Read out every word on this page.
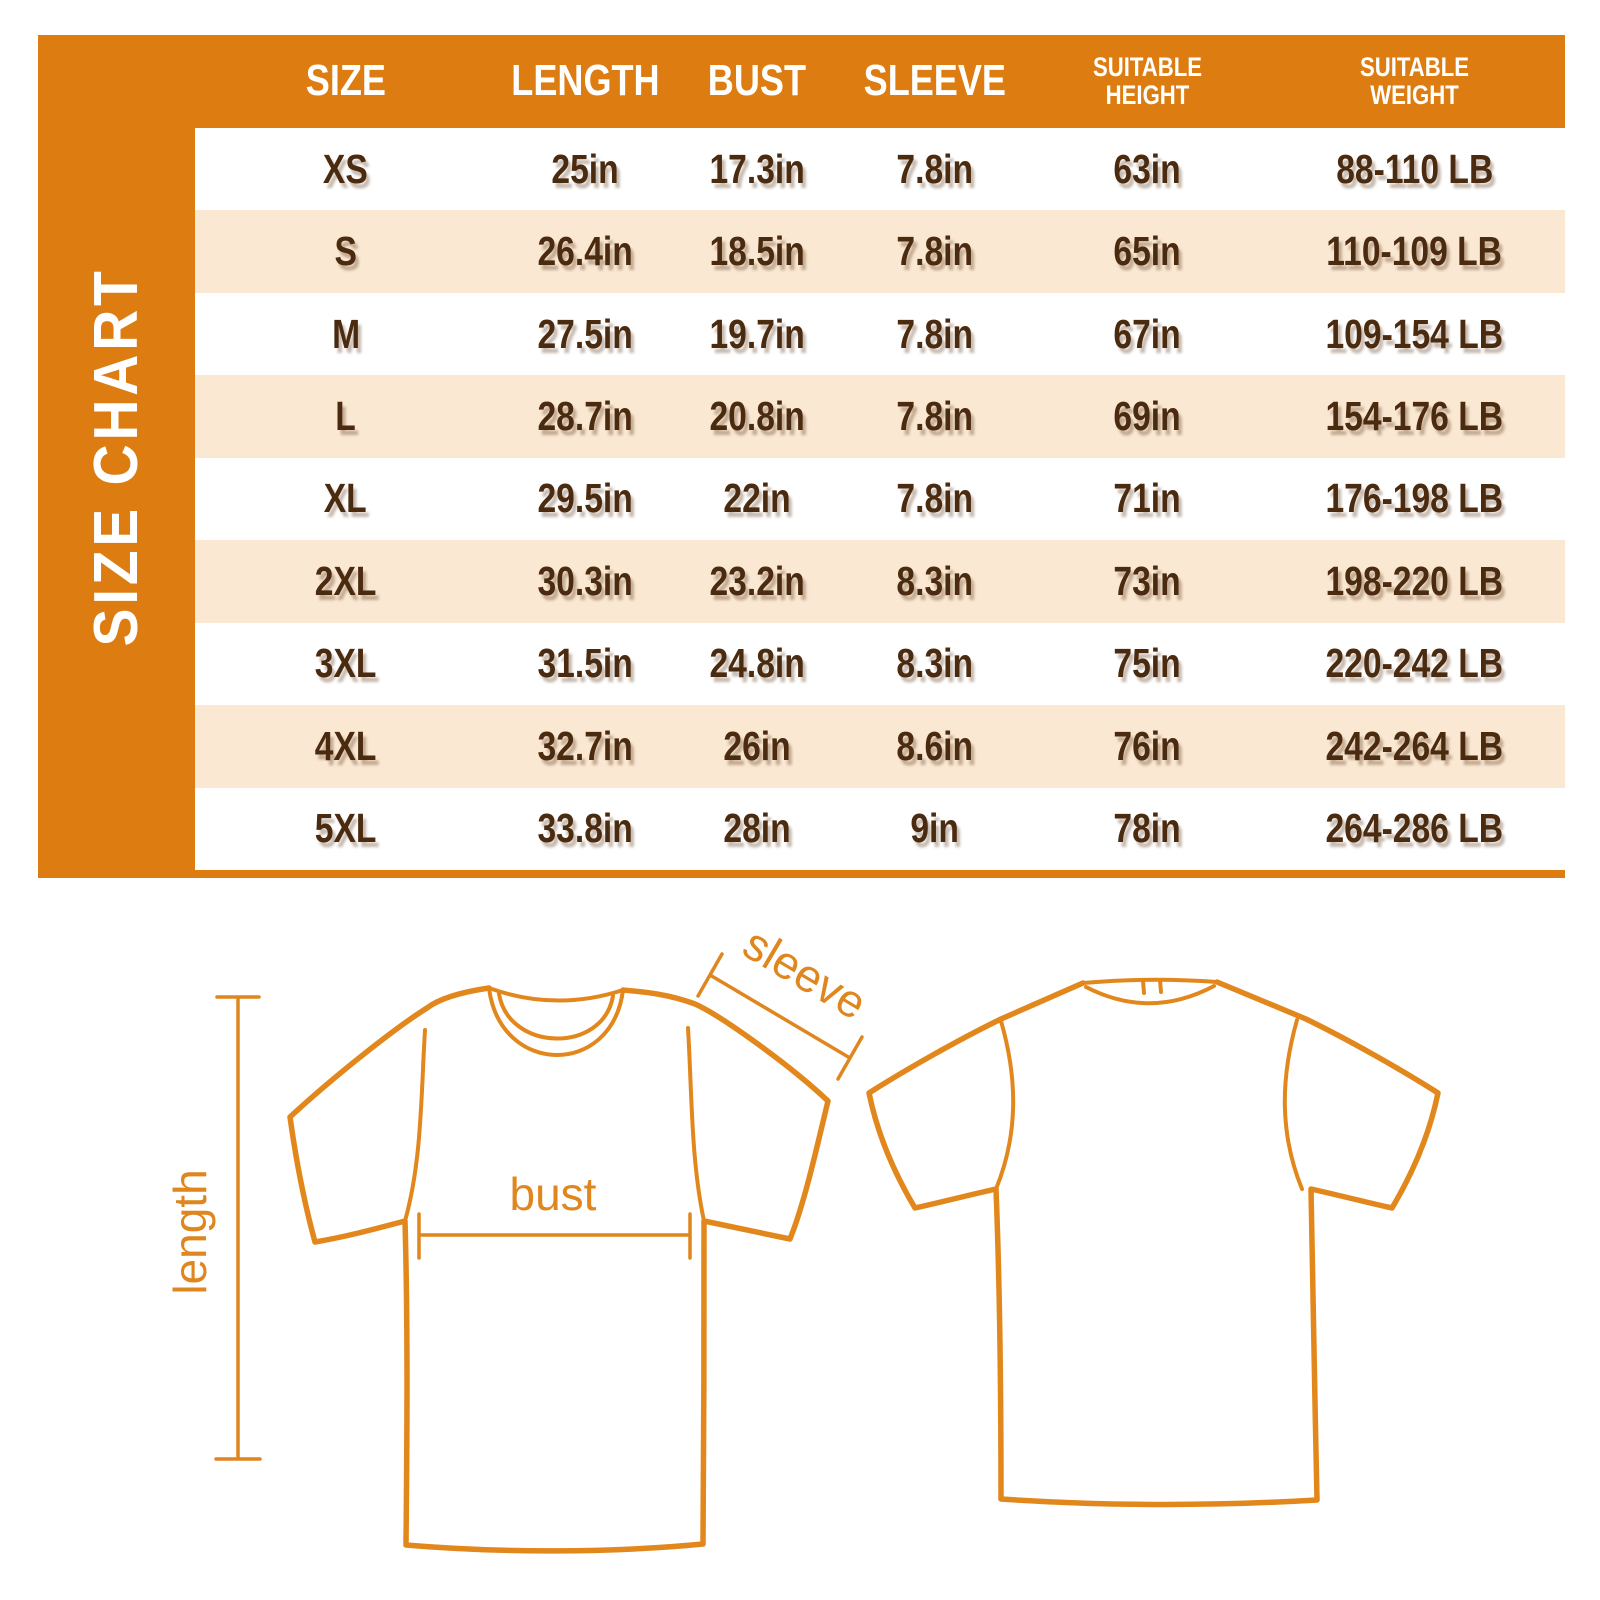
SIZE CHART
SIZE	LENGTH BUST SLEEVE	SUITABLE
HEIGHT
SUITABLE
WEIGHT
XS	25in 17.3in 7.8in	63in	88-110 LB
S	26.4in 18.5in 7.8in	65in	110-109 LB
M	27.5in 19.7in 7.8in	67in	109-154 LB
L	28.7in 20.8in 7.8in	69in	154-176 LB
XL	29.5in 22in	7.8in	71in	176-198 LB
2XL	30.3in 23.2in 8.3in	73in	198-220 LB
3XL	31.5in 24.8in 8.3in	75in	220-242 LB
4XL	32.7in 26in	8.6in	76in	242-264 LB
5XL	33.8in 28in	9in	78in	264-286 LB
sleeve
bust
length
